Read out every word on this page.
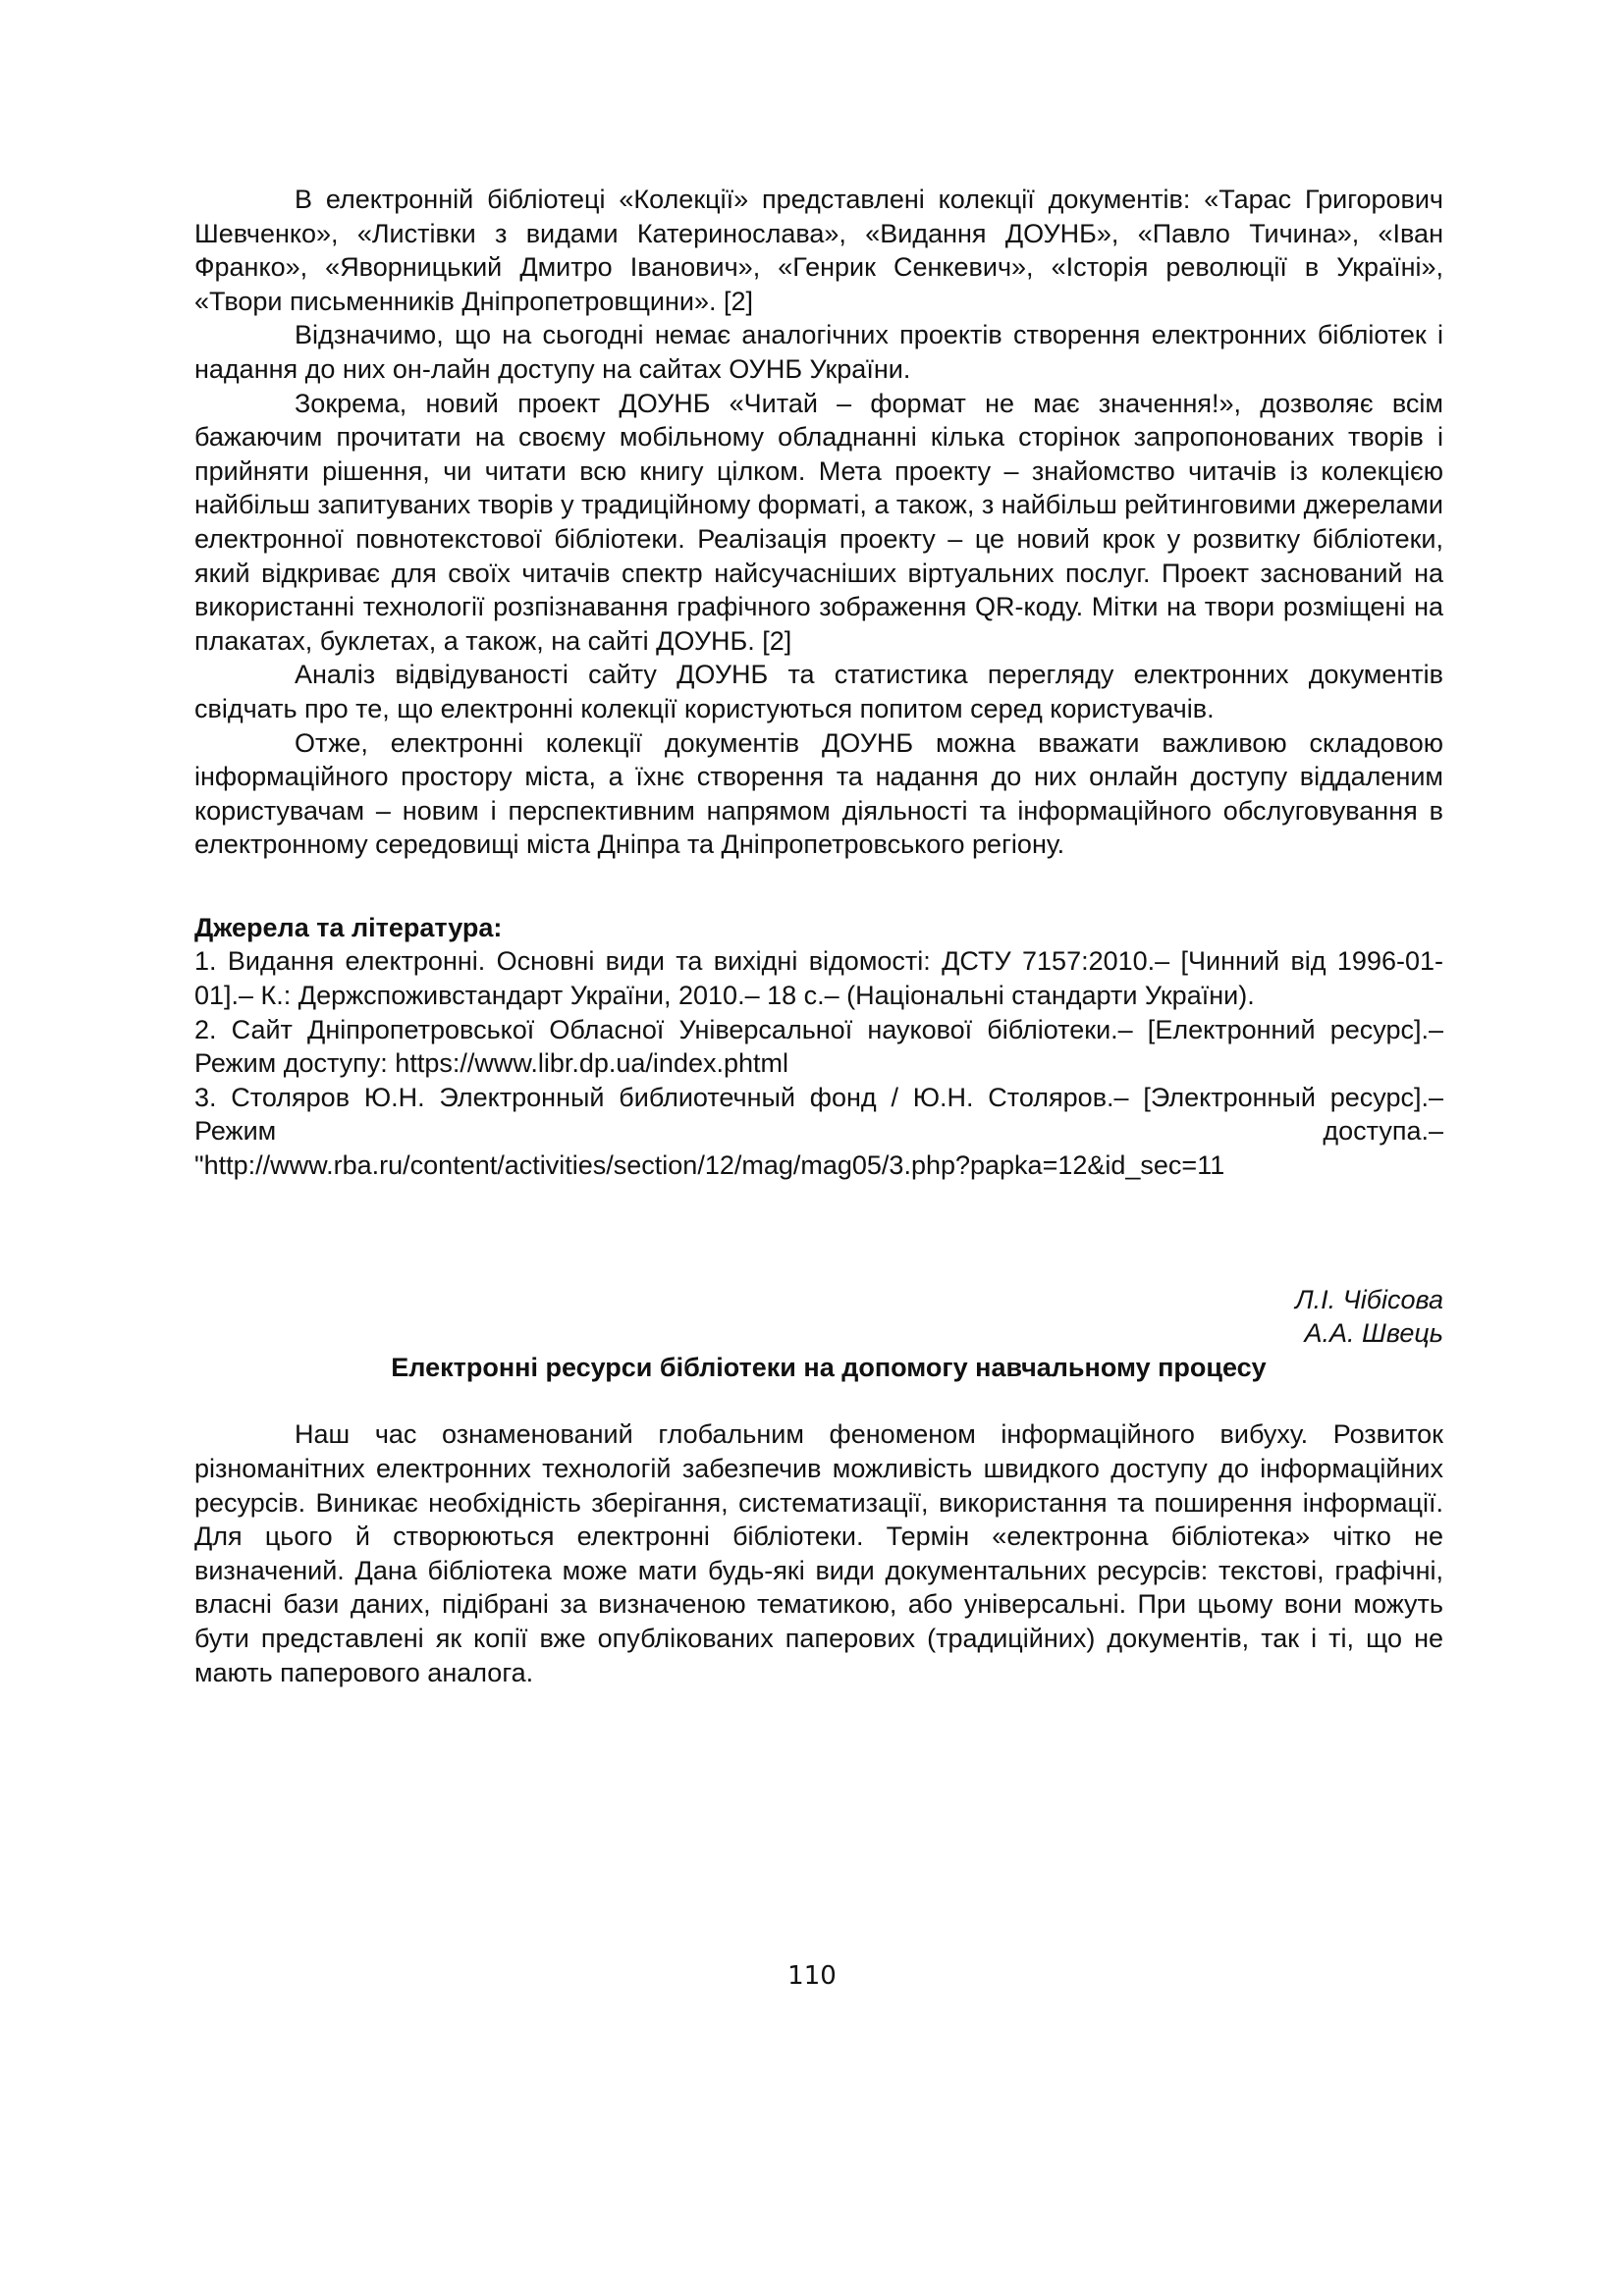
В електронній бібліотеці «Колекції» представлені колекції документів: «Тарас Григорович Шевченко», «Листівки з видами Катеринослава», «Видання ДОУНБ», «Павло Тичина», «Іван Франко», «Яворницький Дмитро Іванович», «Генрик Сенкевич», «Історія революції в Україні», «Твори письменників Дніпропетровщини». [2]

Відзначимо, що на сьогодні немає аналогічних проектів створення електронних бібліотек і надання до них он-лайн доступу на сайтах ОУНБ України.

Зокрема, новий проект ДОУНБ «Читай – формат не має значення!», дозволяє всім бажаючим прочитати на своєму мобільному обладнанні кілька сторінок запропонованих творів і прийняти рішення, чи читати всю книгу цілком. Мета проекту – знайомство читачів із колекцією найбільш запитуваних творів у традиційному форматі, а також, з найбільш рейтинговими джерелами електронної повнотекстової бібліотеки. Реалізація проекту – це новий крок у розвитку бібліотеки, який відкриває для своїх читачів спектр найсучасніших віртуальних послуг. Проект заснований на використанні технології розпізнавання графічного зображення QR-коду. Мітки на твори розміщені на плакатах, буклетах, а також, на сайті ДОУНБ. [2]

Аналіз відвідуваності сайту ДОУНБ та статистика перегляду електронних документів свідчать про те, що електронні колекції користуються попитом серед користувачів.

Отже, електронні колекції документів ДОУНБ можна вважати важливою складовою інформаційного простору міста, а їхнє створення та надання до них онлайн доступу віддаленим користувачам – новим і перспективним напрямом діяльності та інформаційного обслуговування в електронному середовищі міста Дніпра та Дніпропетровського регіону.

Джерела та література:

1. Видання електронні. Основні види та вихідні відомості: ДСТУ 7157:2010.– [Чинний від 1996-01-01].– К.: Держспоживстандарт України, 2010.– 18 с.– (Національні стандарти України).

2. Сайт Дніпропетровської Обласної Універсальної наукової бібліотеки.– [Електронний ресурс].– Режим доступу: https://www.libr.dp.ua/index.phtml

3. Столяров Ю.Н. Электронный библиотечный фонд / Ю.Н. Столяров.– [Электронный ресурс].– Режим доступа.–

"http://www.rba.ru/content/activities/section/12/mag/mag05/3.php?papka=12&id_sec=11

Л.І. Чібісова
А.А. Швець
Електронні ресурси бібліотеки на допомогу навчальному процесу

Наш час ознаменований глобальним феноменом інформаційного вибуху. Розвиток різноманітних електронних технологій забезпечив можливість швидкого доступу до інформаційних ресурсів. Виникає необхідність зберігання, систематизації, використання та поширення інформації. Для цього й створюються електронні бібліотеки. Термін «електронна бібліотека» чітко не визначений. Дана бібліотека може мати будь-які види документальних ресурсів: текстові, графічні, власні бази даних, підібрані за визначеною тематикою, або універсальні. При цьому вони можуть бути представлені як копії вже опублікованих паперових (традиційних) документів, так і ті, що не мають паперового аналога.

110
